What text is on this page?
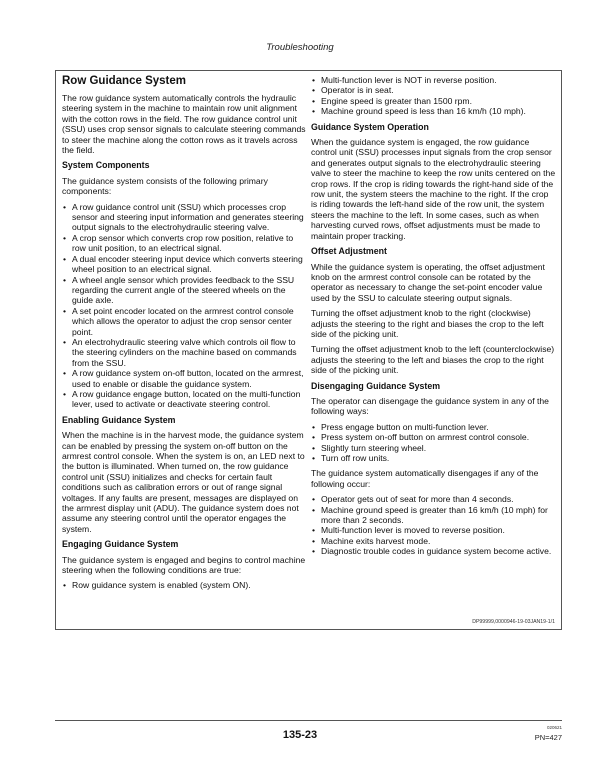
Troubleshooting
Row Guidance System

The row guidance system automatically controls the hydraulic steering system in the machine to maintain row unit alignment with the cotton rows in the field. The row guidance control unit (SSU) uses crop sensor signals to calculate steering commands to steer the machine along the cotton rows as it travels across the field.

System Components

The guidance system consists of the following primary components:

• A row guidance control unit (SSU) which processes crop sensor and steering input information and generates steering output signals to the electrohydraulic steering valve.
• A crop sensor which converts crop row position, relative to row unit position, to an electrical signal.
• A dual encoder steering input device which converts steering wheel position to an electrical signal.
• A wheel angle sensor which provides feedback to the SSU regarding the current angle of the steered wheels on the guide axle.
• A set point encoder located on the armrest control console which allows the operator to adjust the crop sensor center point.
• An electrohydraulic steering valve which controls oil flow to the steering cylinders on the machine based on commands from the SSU.
• A row guidance system on-off button, located on the armrest, used to enable or disable the guidance system.
• A row guidance engage button, located on the multi-function lever, used to activate or deactivate steering control.
Enabling Guidance System

When the machine is in the harvest mode, the guidance system can be enabled by pressing the system on-off button on the armrest control console. When the system is on, an LED next to the button is illuminated. When turned on, the row guidance control unit (SSU) initializes and checks for certain fault conditions such as calibration errors or out of range signal voltages. If any faults are present, messages are displayed on the armrest display unit (ADU). The guidance system does not assume any steering control until the operator engages the system.

Engaging Guidance System

The guidance system is engaged and begins to control machine steering when the following conditions are true:

• Row guidance system is enabled (system ON).
• Multi-function lever is NOT in reverse position.
• Operator is in seat.
• Engine speed is greater than 1500 rpm.
• Machine ground speed is less than 16 km/h (10 mph).
Guidance System Operation

When the guidance system is engaged, the row guidance control unit (SSU) processes input signals from the crop sensor and generates output signals to the electrohydraulic steering valve to steer the machine to keep the row units centered on the crop rows. If the crop is riding towards the right-hand side of the row unit, the system steers the machine to the right. If the crop is riding towards the left-hand side of the row unit, the system steers the machine to the left. In some cases, such as when harvesting curved rows, offset adjustments must be made to maintain proper tracking.

Offset Adjustment

While the guidance system is operating, the offset adjustment knob on the armrest control console can be rotated by the operator as necessary to change the set-point encoder value used by the SSU to calculate steering output signals.

Turning the offset adjustment knob to the right (clockwise) adjusts the steering to the right and biases the crop to the left side of the picking unit.

Turning the offset adjustment knob to the left (counterclockwise) adjusts the steering to the left and biases the crop to the right side of the picking unit.

Disengaging Guidance System

The operator can disengage the guidance system in any of the following ways:

• Press engage button on multi-function lever.
• Press system on-off button on armrest control console.
• Slightly turn steering wheel.
• Turn off row units.

The guidance system automatically disengages if any of the following occur:

• Operator gets out of seat for more than 4 seconds.
• Machine ground speed is greater than 16 km/h (10 mph) for more than 2 seconds.
• Multi-function lever is moved to reverse position.
• Machine exits harvest mode.
• Diagnostic trouble codes in guidance system become active.
DP99999,0000946-19-03JAN19-1/1
135-23
020621
PN=427
